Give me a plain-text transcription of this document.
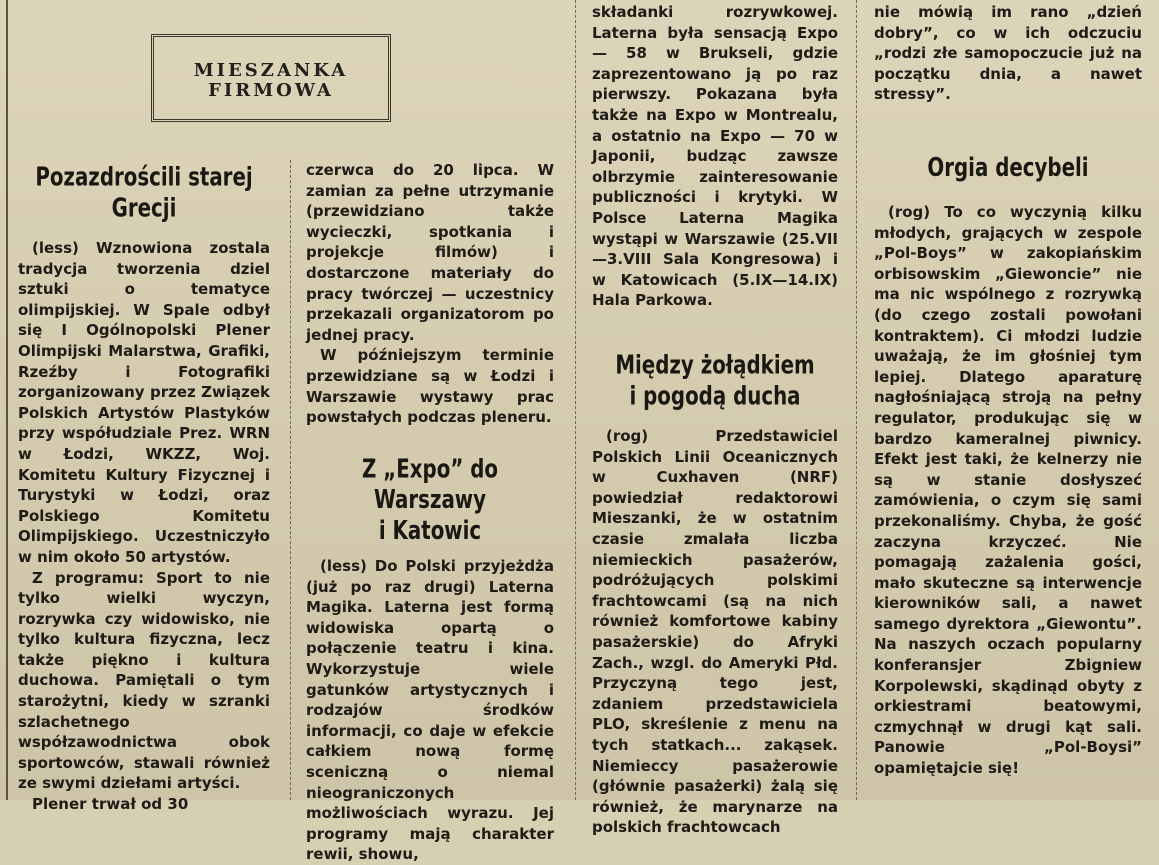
MIESZANKA
FIRMOWA
Pozazdrościli starej
Grecji

(less) Wznowiona zostala tradycja tworzenia dziel sztuki o tematyce olimpijskiej. W Spale odbył się I Ogólnopolski Plener Olimpijski Malarstwa, Grafiki, Rzeźby i Fotografiki zorganizowany przez Związek Polskich Artystów Plastyków przy współudziale Prez. WRN w Łodzi, WKZZ, Woj. Komitetu Kultury Fizycznej i Turystyki w Łodzi, oraz Polskiego Komitetu Olimpijskiego. Uczestniczyło w nim około 50 artystów.

Z programu: Sport to nie tylko wielki wyczyn, rozrywka czy widowisko, nie tylko kultura fizyczna, lecz także piękno i kultura duchowa. Pamiętali o tym starożytni, kiedy w szranki szlachetnego współzawodnictwa obok sportowców, stawali również ze swymi dziełami artyści.

Plener trwał od 30

czerwca do 20 lipca. W zamian za pełne utrzymanie (przewidziano także wycieczki, spotkania i projekcje filmów) i dostarczone materiały do pracy twórczej — uczestnicy przekazali organizatorom po jednej pracy.

W późniejszym terminie przewidziane są w Łodzi i Warszawie wystawy prac powstałych podczas pleneru.

Z „Expo” do Warszawy
i Katowic

(less) Do Polski przyjeżdża (już po raz drugi) Laterna Magika. Laterna jest formą widowiska opartą o połączenie teatru i kina. Wykorzystuje wiele gatunków artystycznych i rodzajów środków informacji, co daje w efekcie całkiem nową formę sceniczną o niemal nieograniczonych możliwościach wyrazu. Jej programy mają charakter rewii, showu,

składanki rozrywkowej. Laterna była sensacją Expo — 58 w Brukseli, gdzie zaprezentowano ją po raz pierwszy. Pokazana była także na Expo w Montrealu, a ostatnio na Expo — 70 w Japonii, budząc zawsze olbrzymie zainteresowanie publiczności i krytyki. W Polsce Laterna Magika wystąpi w Warszawie (25.VII—3.VIII Sala Kongresowa) i w Katowicach (5.IX—14.IX) Hala Parkowa.

Między żołądkiem
i pogodą ducha

(rog) Przedstawiciel Polskich Linii Oceanicznych w Cuxhaven (NRF) powiedział redaktorowi Mieszanki, że w ostatnim czasie zmalała liczba niemieckich pasażerów, podróżujących polskimi frachtowcami (są na nich również komfortowe kabiny pasażerskie) do Afryki Zach., wzgl. do Ameryki Płd. Przyczyną tego jest, zdaniem przedstawiciela PLO, skreślenie z menu na tych statkach... zakąsek. Niemieccy pasażerowie (głównie pasażerki) żalą się również, że marynarze na polskich frachtowcach

nie mówią im rano „dzień dobry”, co w ich odczuciu „rodzi złe samopoczucie już na początku dnia, a nawet stressy”.

Orgia decybeli

(rog) To co wyczynią kilku młodych, grających w zespole „Pol-Boys” w zakopiańskim orbisowskim „Giewoncie” nie ma nic wspólnego z rozrywką (do czego zostali powołani kontraktem). Ci młodzi ludzie uważają, że im głośniej tym lepiej. Dlatego aparaturę nagłośniającą stroją na pełny regulator, produkując się w bardzo kameralnej piwnicy. Efekt jest taki, że kelnerzy nie są w stanie dosłyszeć zamówienia, o czym się sami przekonaliśmy. Chyba, że gość zaczyna krzyczeć. Nie pomagają zażalenia gości, mało skuteczne są interwencje kierowników sali, a nawet samego dyrektora „Giewontu”. Na naszych oczach popularny konferansjer Zbigniew Korpolewski, skądinąd obyty z orkiestrami beatowymi, czmychnął w drugi kąt sali. Panowie „Pol-Boysi” opamiętajcie się!
